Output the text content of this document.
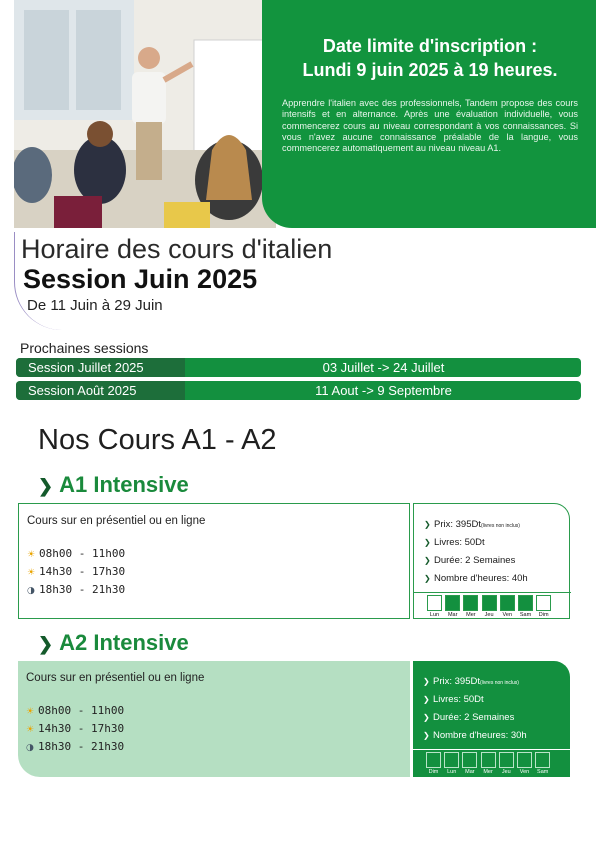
Date limite d'inscription :
Lundi 9 juin 2025 à 19 heures.

Apprendre l'italien avec des professionnels, Tandem propose des cours intensifs et en alternance. Après une évaluation individuelle, vous commencerez cours au niveau correspondant à vos connaissances. Si vous n'avez aucune connaissance préalable de la langue, vous commencerez automatiquement au niveau niveau A1.

Horaire des cours d'italien
Session Juin 2025
De 11 Juin à 29 Juin
Prochaines sessions
Session Juillet 2025	03 Juillet -> 24 Juillet
Session Août 2025	11 Aout -> 9 Septembre
Nos Cours A1 - A2
❯ A1 Intensive
Cours sur en présentiel ou en ligne
☀ 08h00 - 11h00
☀ 14h30 - 17h30
◑ 18h30 - 21h30
❯ Prix: 395Dt(livres non inclus)
❯ Livres: 50Dt
❯ Durée: 2 Semaines
❯ Nombre d'heures: 40h
Lun	Mar	Mer	Jeu	Ven	Sam	Dim
❯ A2 Intensive
Cours sur en présentiel ou en ligne
☀ 08h00 - 11h00
☀ 14h30 - 17h30
◑ 18h30 - 21h30
❯ Prix: 395Dt(livres non inclus)
❯ Livres: 50Dt
❯ Durée: 2 Semaines
❯ Nombre d'heures: 30h
Dim	Lun	Mar	Mer	Jeu	Ven	Sam
